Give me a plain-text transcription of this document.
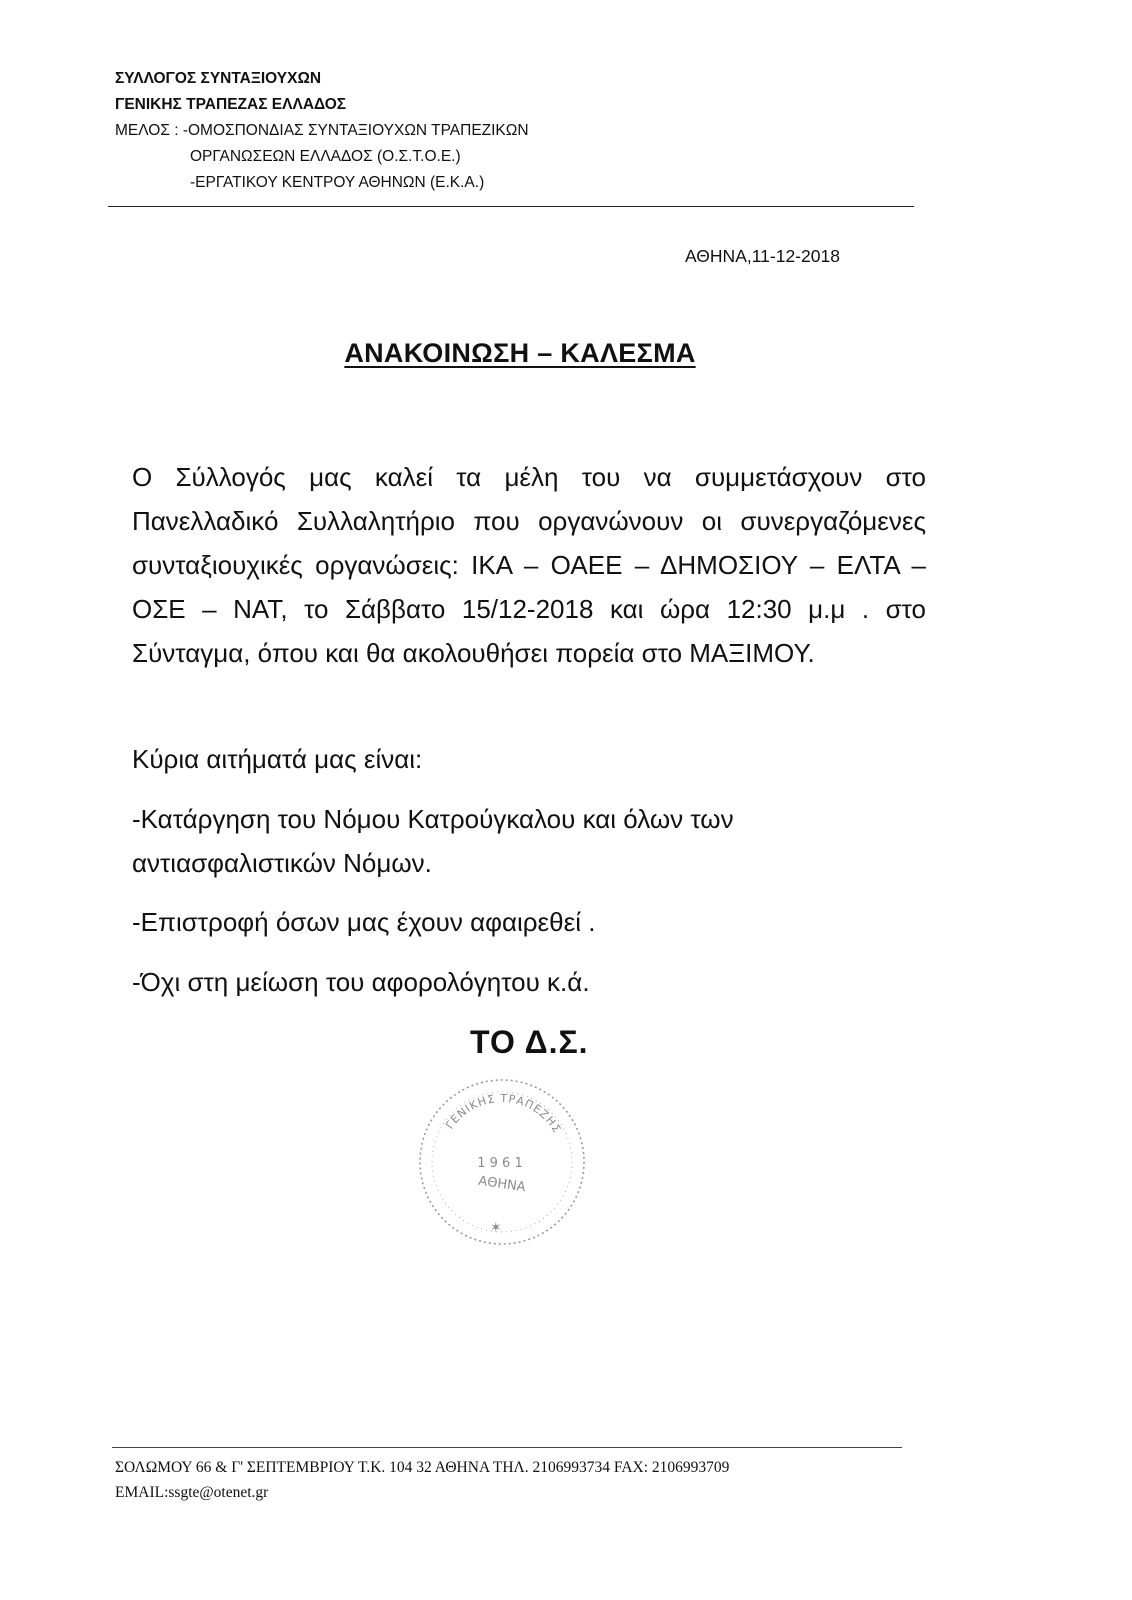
ΣΥΛΛΟΓΟΣ ΣΥΝΤΑΞΙΟΥΧΩΝ
ΓΕΝΙΚΗΣ ΤΡΑΠΕΖΑΣ ΕΛΛΑΔΟΣ
ΜΕΛΟΣ : -ΟΜΟΣΠΟΝΔΙΑΣ ΣΥΝΤΑΞΙΟΥΧΩΝ ΤΡΑΠΕΖΙΚΩΝ
ΟΡΓΑΝΩΣΕΩΝ ΕΛΛΑΔΟΣ (Ο.Σ.Τ.Ο.Ε.)
-ΕΡΓΑΤΙΚΟΥ ΚΕΝΤΡΟΥ ΑΘΗΝΩΝ (Ε.Κ.Α.)
ΑΘΗΝΑ,11-12-2018
ΑΝΑΚΟΙΝΩΣΗ – ΚΑΛΕΣΜΑ

Ο Σύλλογός μας καλεί τα μέλη του να συμμετάσχουν στο Πανελλαδικό Συλλαλητήριο που οργανώνουν οι συνεργαζόμενες συνταξιουχικές οργανώσεις: ΙΚΑ – ΟΑΕΕ – ΔΗΜΟΣΙΟΥ – ΕΛΤΑ – ΟΣΕ – ΝΑΤ, το Σάββατο 15/12-2018 και ώρα 12:30 μ.μ . στο Σύνταγμα, όπου και θα ακολουθήσει πορεία στο ΜΑΞΙΜΟΥ.

Κύρια αιτήματά μας είναι:
-Κατάργηση του Νόμου Κατρούγκαλου και όλων των αντιασφαλιστικών Νόμων.
-Επιστροφή όσων μας έχουν αφαιρεθεί .
-Όχι στη μείωση του αφορολόγητου κ.ά.
ΤΟ Δ.Σ.
ΓΕΝΙΚΗΣ ΤΡΑΠΕΖΗΣ
1 9 6 1
ΑΘΗΝΑ
✶
ΣΟΛΩΜΟΥ 66 & Γ' ΣΕΠΤΕΜΒΡΙΟΥ Τ.Κ. 104 32 ΑΘΗΝΑ ΤΗΛ. 2106993734 FAX: 2106993709
EMAIL:ssgte@otenet.gr
